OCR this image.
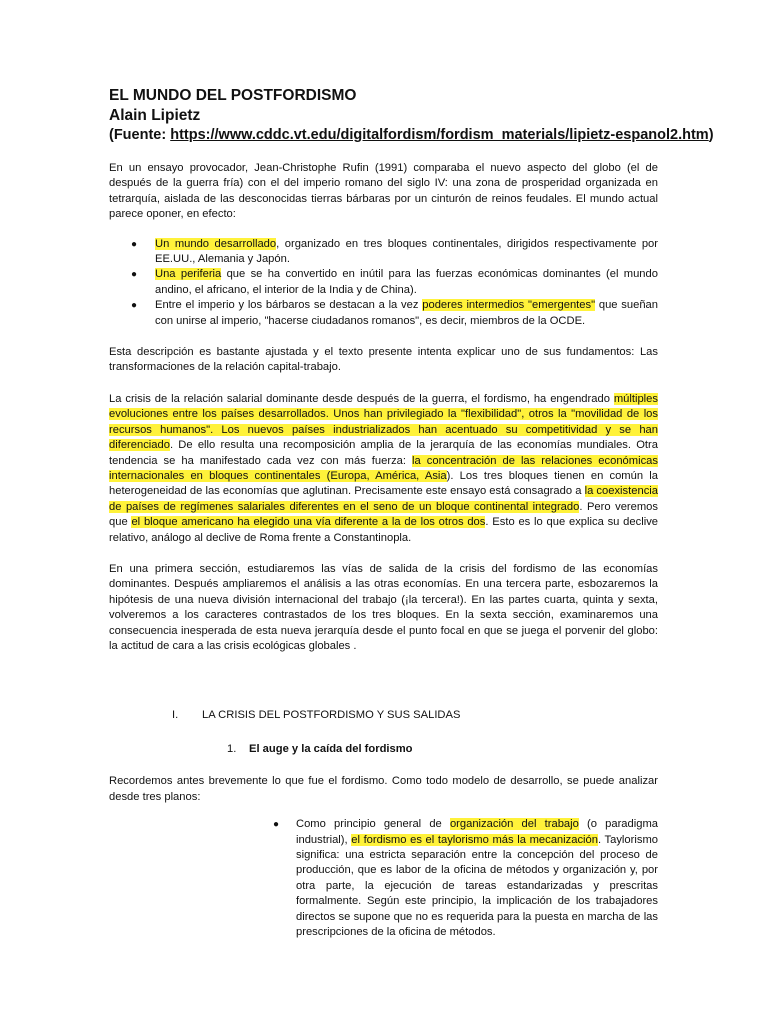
EL MUNDO DEL POSTFORDISMO
Alain Lipietz
(Fuente: https://www.cddc.vt.edu/digitalfordism/fordism_materials/lipietz-espanol2.htm)

En un ensayo provocador, Jean-Christophe Rufin (1991) comparaba el nuevo aspecto del globo (el de después de la guerra fría) con el del imperio romano del siglo IV: una zona de prosperidad organizada en tetrarquía, aislada de las desconocidas tierras bárbaras por un cinturón de reinos feudales. El mundo actual parece oponer, en efecto:

● Un mundo desarrollado, organizado en tres bloques continentales, dirigidos respectivamente por EE.UU., Alemania y Japón.
● Una periferia que se ha convertido en inútil para las fuerzas económicas dominantes (el mundo andino, el africano, el interior de la India y de China).
● Entre el imperio y los bárbaros se destacan a la vez poderes intermedios "emergentes" que sueñan con unirse al imperio, "hacerse ciudadanos romanos", es decir, miembros de la OCDE.

Esta descripción es bastante ajustada y el texto presente intenta explicar uno de sus fundamentos: Las transformaciones de la relación capital-trabajo.

La crisis de la relación salarial dominante desde después de la guerra, el fordismo, ha engendrado múltiples evoluciones entre los países desarrollados. Unos han privilegiado la "flexibilidad", otros la "movilidad de los recursos humanos". Los nuevos países industrializados han acentuado su competitividad y se han diferenciado. De ello resulta una recomposición amplia de la jerarquía de las economías mundiales. Otra tendencia se ha manifestado cada vez con más fuerza: la concentración de las relaciones económicas internacionales en bloques continentales (Europa, América, Asia). Los tres bloques tienen en común la heterogeneidad de las economías que aglutinan. Precisamente este ensayo está consagrado a la coexistencia de países de regímenes salariales diferentes en el seno de un bloque continental integrado. Pero veremos que el bloque americano ha elegido una vía diferente a la de los otros dos. Esto es lo que explica su declive relativo, análogo al declive de Roma frente a Constantinopla.

En una primera sección, estudiaremos las vías de salida de la crisis del fordismo de las economías dominantes. Después ampliaremos el análisis a las otras economías. En una tercera parte, esbozaremos la hipótesis de una nueva división internacional del trabajo (¡la tercera!). En las partes cuarta, quinta y sexta, volveremos a los caracteres contrastados de los tres bloques. En la sexta sección, examinaremos una consecuencia inesperada de esta nueva jerarquía desde el punto focal en que se juega el porvenir del globo: la actitud de cara a las crisis ecológicas globales .

I. LA CRISIS DEL POSTFORDISMO Y SUS SALIDAS
1. El auge y la caída del fordismo

Recordemos antes brevemente lo que fue el fordismo. Como todo modelo de desarrollo, se puede analizar desde tres planos:

● Como principio general de organización del trabajo (o paradigma industrial), el fordismo es el taylorismo más la mecanización. Taylorismo significa: una estricta separación entre la concepción del proceso de producción, que es labor de la oficina de métodos y organización y, por otra parte, la ejecución de tareas estandarizadas y prescritas formalmente. Según este principio, la implicación de los trabajadores directos se supone que no es requerida para la puesta en marcha de las prescripciones de la oficina de métodos.
